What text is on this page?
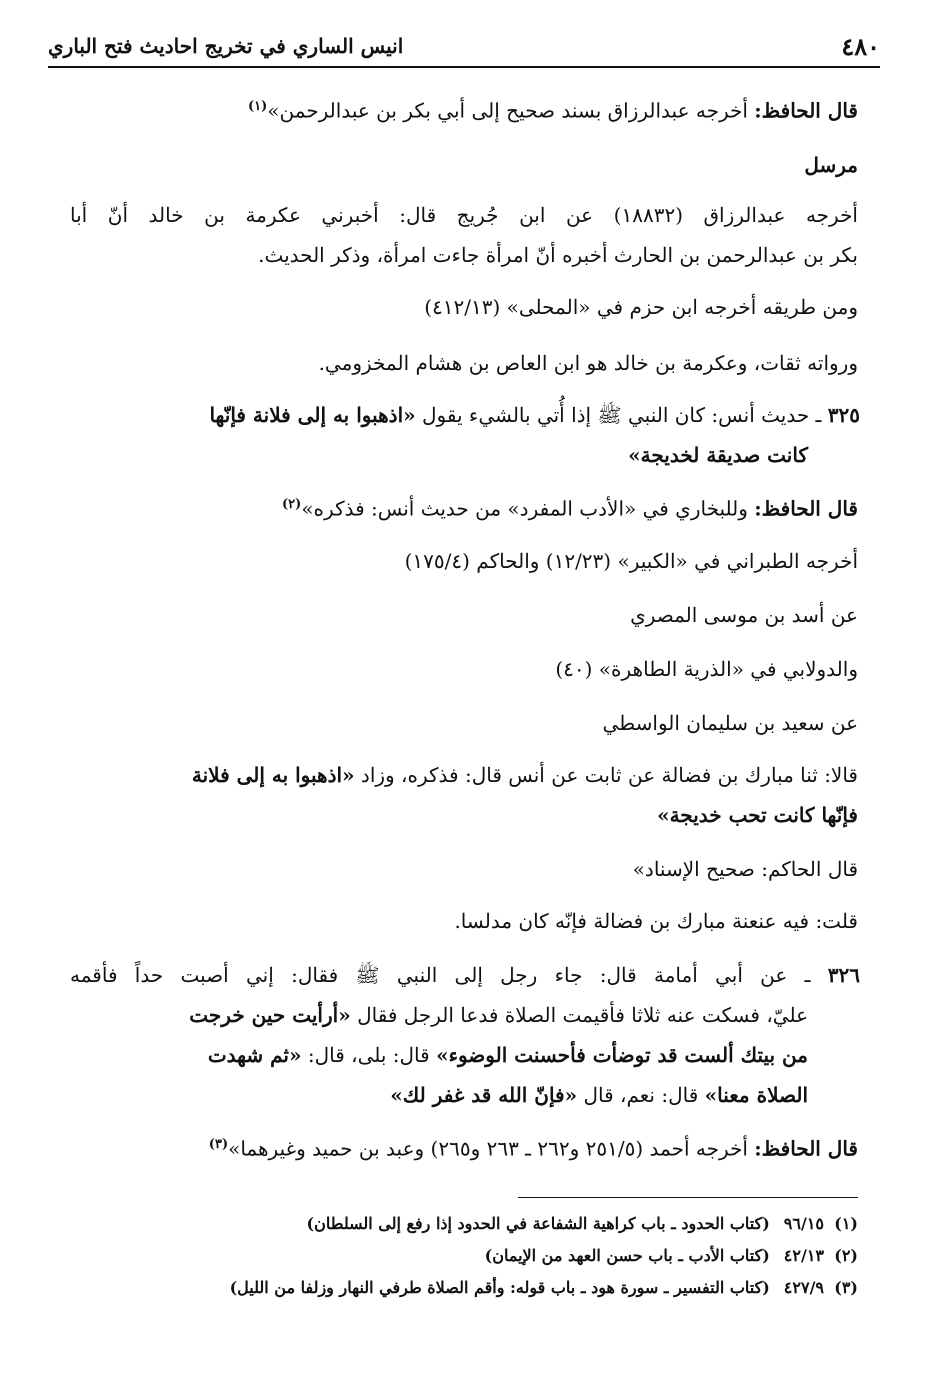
٤٨٠
انيس الساري في تخريج احاديث فتح الباري
قال الحافظ: أخرجه عبدالرزاق بسند صحيح إلى أبي بكر بن عبدالرحمن»$^{(١)}$
مرسل
أخرجه عبدالرزاق (١٨٨٣٢) عن ابن جُريج قال: أخبرني عكرمة بن خالد أنّ أبا
بكر بن عبدالرحمن بن الحارث أخبره أنّ امرأة جاءت امرأة، وذكر الحديث.
ومن طريقه أخرجه ابن حزم في «المحلى» (٤١٢/١٣)
ورواته ثقات، وعكرمة بن خالد هو ابن العاص بن هشام المخزومي.
٣٢٥ ـ حديث أنس: كان النبي ﷺ إذا أُتي بالشيء يقول «اذهبوا به إلى فلانة فإنّها
كانت صديقة لخديجة»
قال الحافظ: وللبخاري في «الأدب المفرد» من حديث أنس: فذكره»$^{(٢)}$
أخرجه الطبراني في «الكبير» (١٢/٢٣) والحاكم (١٧٥/٤)
عن أسد بن موسى المصري
والدولابي في «الذرية الطاهرة» (٤٠)
عن سعيد بن سليمان الواسطي
قالا: ثنا مبارك بن فضالة عن ثابت عن أنس قال: فذكره، وزاد «اذهبوا به إلى فلانة
فإنّها كانت تحب خديجة»
قال الحاكم: صحيح الإسناد»
قلت: فيه عنعنة مبارك بن فضالة فإنّه كان مدلسا.
٣٢٦ ـ عن أبي أمامة قال: جاء رجل إلى النبي ﷺ فقال: إني أصبت حداً فأقمه
عليّ، فسكت عنه ثلاثا فأقيمت الصلاة فدعا الرجل فقال «أرأيت حين خرجت
من بيتك ألست قد توضأت فأحسنت الوضوء» قال: بلى، قال: «ثم شهدت
الصلاة معنا» قال: نعم، قال «فإنّ الله قد غفر لك»
قال الحافظ: أخرجه أحمد (٢٥١/٥ و٢٦٢ ـ ٢٦٣ و٢٦٥) وعبد بن حميد وغيرهما»$^{(٣)}$
(١)٩٦/١٥(كتاب الحدود ـ باب كراهية الشفاعة في الحدود إذا رفع إلى السلطان)
(٢)٤٢/١٣(كتاب الأدب ـ باب حسن العهد من الإيمان)
(٣)٤٢٧/٩(كتاب التفسير ـ سورة هود ـ باب قوله: وأقم الصلاة طرفي النهار وزلفا من الليل)
